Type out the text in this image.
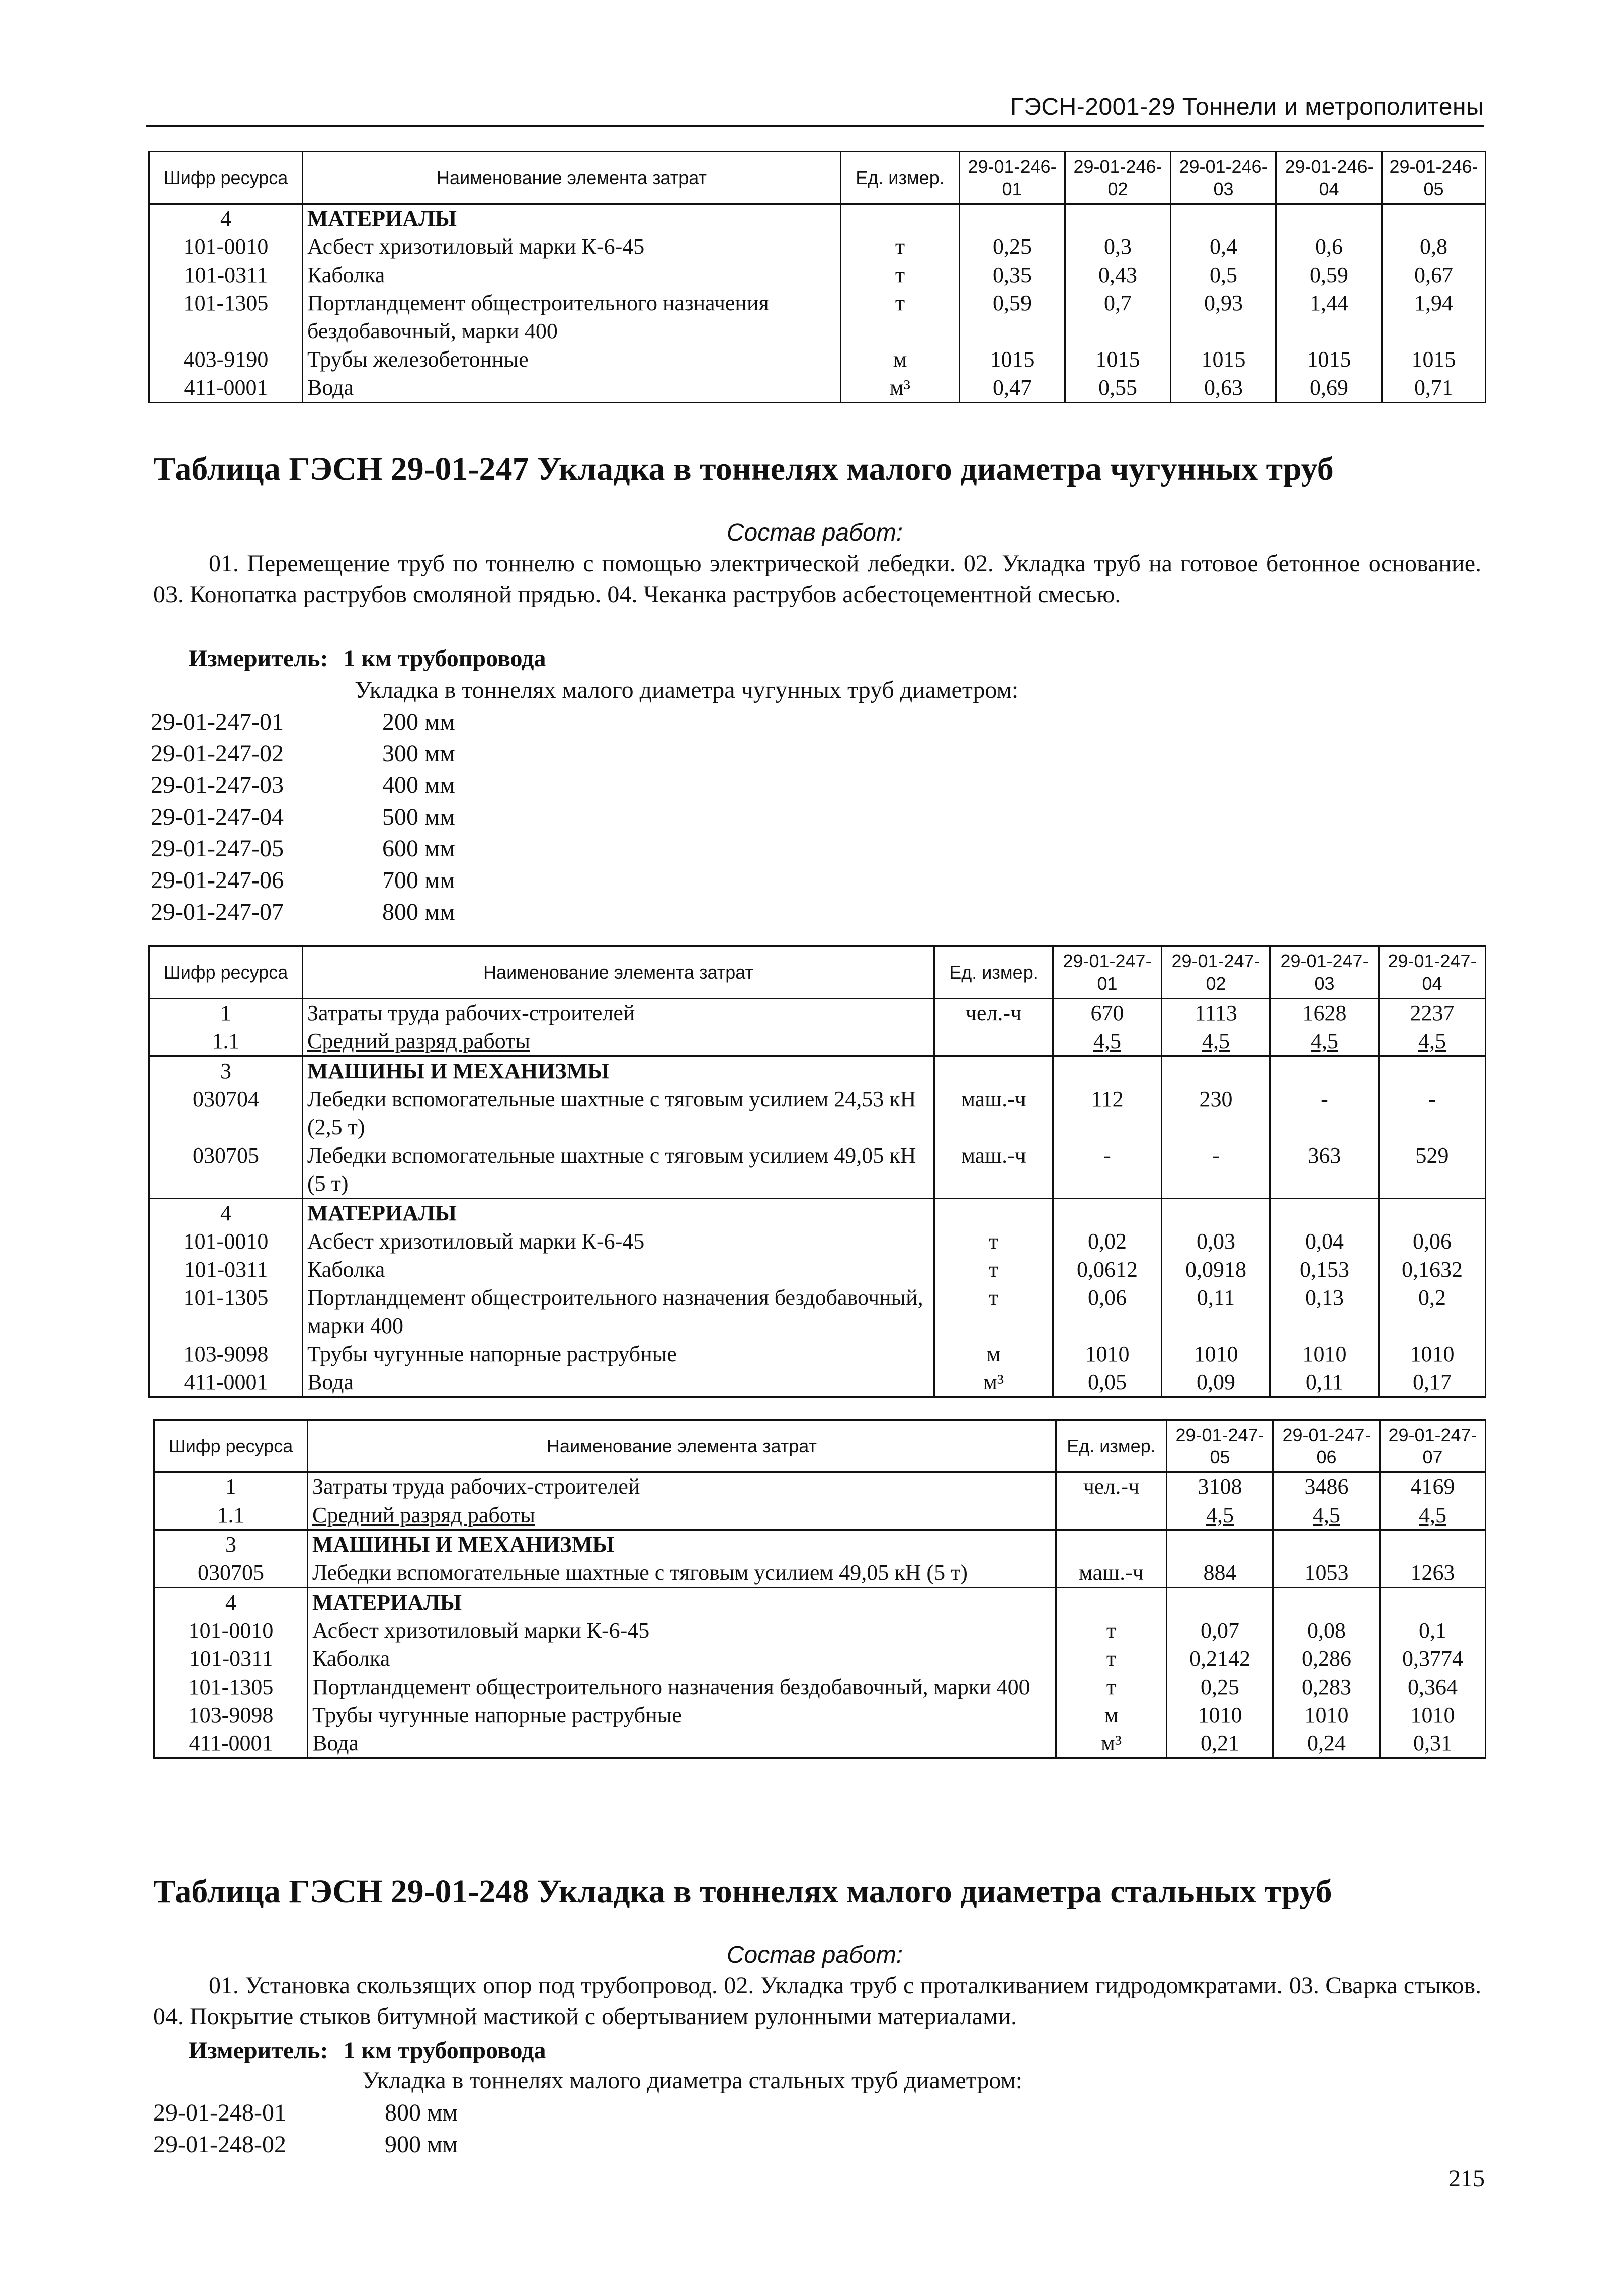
ГЭСН-2001-29 Тоннели и метрополитены
Шифр ресурса	Наименование элемента затрат	Ед. измер.	29-01-246-01	29-01-246-02	29-01-246-03	29-01-246-04	29-01-246-05
4	МАТЕРИАЛЫ						
101-0010	Асбест хризотиловый марки К-6-45	т	0,25	0,3	0,4	0,6	0,8
101-0311	Каболка	т	0,35	0,43	0,5	0,59	0,67
101-1305	Портландцемент общестроительного назначения бездобавочный, марки 400	т	0,59	0,7	0,93	1,44	1,94
403-9190	Трубы железобетонные	м	1015	1015	1015	1015	1015
411-0001	Вода	м³	0,47	0,55	0,63	0,69	0,71
Таблица ГЭСН 29-01-247 Укладка в тоннелях малого диаметра чугунных труб
Состав работ:
01. Перемещение труб по тоннелю с помощью электрической лебедки. 02. Укладка труб на готовое бетонное основание. 03. Конопатка раструбов смоляной прядью. 04. Чеканка раструбов асбестоцементной смесью.
Измеритель: 1 км трубопровода
Укладка в тоннелях малого диаметра чугунных труб диаметром:
29-01-247-01	200 мм
29-01-247-02	300 мм
29-01-247-03	400 мм
29-01-247-04	500 мм
29-01-247-05	600 мм
29-01-247-06	700 мм
29-01-247-07	800 мм
Шифр ресурса	Наименование элемента затрат	Ед. измер.	29-01-247-01	29-01-247-02	29-01-247-03	29-01-247-04
1	Затраты труда рабочих-строителей	чел.-ч	670	1113	1628	2237
1.1	Средний разряд работы		4,5	4,5	4,5	4,5
3	МАШИНЫ И МЕХАНИЗМЫ					
030704	Лебедки вспомогательные шахтные с тяговым усилием 24,53 кН (2,5 т)	маш.-ч	112	230	-	-
030705	Лебедки вспомогательные шахтные с тяговым усилием 49,05 кН (5 т)	маш.-ч	-	-	363	529
4	МАТЕРИАЛЫ					
101-0010	Асбест хризотиловый марки К-6-45	т	0,02	0,03	0,04	0,06
101-0311	Каболка	т	0,0612	0,0918	0,153	0,1632
101-1305	Портландцемент общестроительного назначения бездобавочный, марки 400	т	0,06	0,11	0,13	0,2
103-9098	Трубы чугунные напорные раструбные	м	1010	1010	1010	1010
411-0001	Вода	м³	0,05	0,09	0,11	0,17
Шифр ресурса	Наименование элемента затрат	Ед. измер.	29-01-247-05	29-01-247-06	29-01-247-07
1	Затраты труда рабочих-строителей	чел.-ч	3108	3486	4169
1.1	Средний разряд работы		4,5	4,5	4,5
3	МАШИНЫ И МЕХАНИЗМЫ				
030705	Лебедки вспомогательные шахтные с тяговым усилием 49,05 кН (5 т)	маш.-ч	884	1053	1263
4	МАТЕРИАЛЫ				
101-0010	Асбест хризотиловый марки К-6-45	т	0,07	0,08	0,1
101-0311	Каболка	т	0,2142	0,286	0,3774
101-1305	Портландцемент общестроительного назначения бездобавочный, марки 400	т	0,25	0,283	0,364
103-9098	Трубы чугунные напорные раструбные	м	1010	1010	1010
411-0001	Вода	м³	0,21	0,24	0,31
Таблица ГЭСН 29-01-248 Укладка в тоннелях малого диаметра стальных труб
Состав работ:
01. Установка скользящих опор под трубопровод. 02. Укладка труб с проталкиванием гидродомкратами. 03. Сварка стыков. 04. Покрытие стыков битумной мастикой с обертыванием рулонными материалами.
Измеритель: 1 км трубопровода
Укладка в тоннелях малого диаметра стальных труб диаметром:
29-01-248-01	800 мм
29-01-248-02	900 мм
215
